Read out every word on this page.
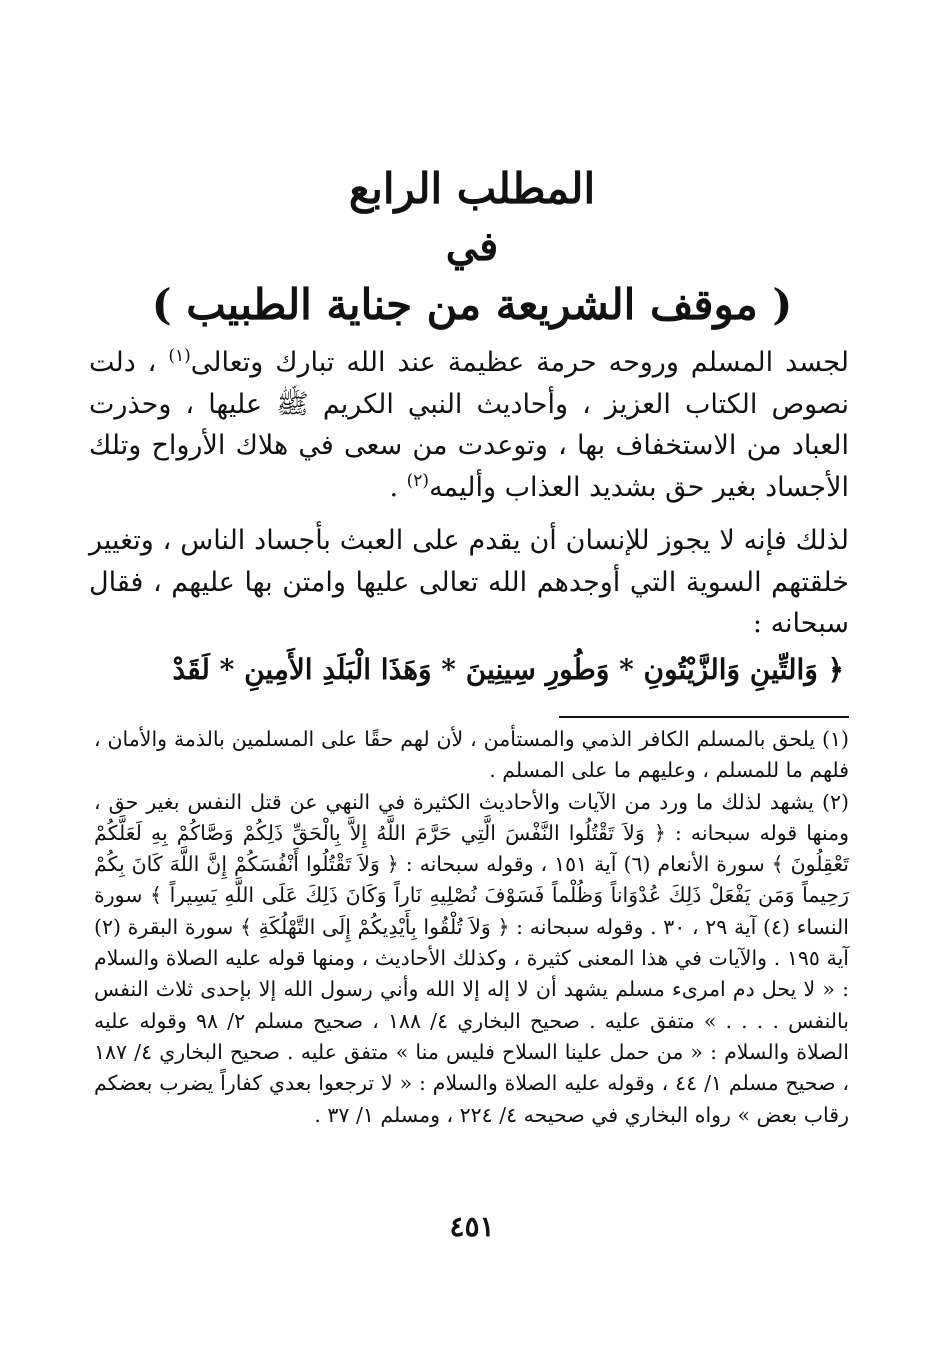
المطلب الرابع
في
( موقف الشريعة من جناية الطبيب )

لجسد المسلم وروحه حرمة عظيمة عند الله تبارك وتعالى$^{(١)}$ ، دلت نصوص الكتاب العزيز ، وأحاديث النبي الكريم ﷺ عليها ، وحذرت العباد من الاستخفاف بها ، وتوعدت من سعى في هلاك الأرواح وتلك الأجساد بغير حق بشديد العذاب وأليمه$^{(٢)}$ .

لذلك فإنه لا يجوز للإنسان أن يقدم على العبث بأجساد الناس ، وتغيير خلقتهم السوية التي أوجدهم الله تعالى عليها وامتن بها عليهم ، فقال سبحانه :

﴿ وَالتِّينِ وَالزَّيْتُونِ * وَطُورِ سِينِينَ * وَهَذَا الْبَلَدِ الأَمِينِ * لَقَدْ

(١) يلحق بالمسلم الكافر الذمي والمستأمن ، لأن لهم حقًا على المسلمين بالذمة والأمان ، فلهم ما للمسلم ، وعليهم ما على المسلم .

(٢) يشهد لذلك ما ورد من الآيات والأحاديث الكثيرة في النهي عن قتل النفس بغير حق ، ومنها قوله سبحانه : ﴿ وَلاَ تَقْتُلُوا النَّفْسَ الَّتِي حَرَّمَ اللَّهُ إِلاَّ بِالْحَقِّ ذَلِكُمْ وَصَّاكُمْ بِهِ لَعَلَّكُمْ تَعْقِلُونَ ﴾ سورة الأنعام (٦) آية ١٥١ ، وقوله سبحانه : ﴿ وَلاَ تَقْتُلُوا أَنْفُسَكُمْ إِنَّ اللَّهَ كَانَ بِكُمْ رَحِيماً وَمَن يَفْعَلْ ذَلِكَ عُدْوَاناً وَظُلْماً فَسَوْفَ نُصْلِيهِ نَاراً وَكَانَ ذَلِكَ عَلَى اللَّهِ يَسِيراً ﴾ سورة النساء (٤) آية ٢٩ ، ٣٠ . وقوله سبحانه : ﴿ وَلاَ تُلْقُوا بِأَيْدِيكُمْ إِلَى التَّهْلُكَةِ ﴾ سورة البقرة (٢) آية ١٩٥ . والآيات في هذا المعنى كثيرة ، وكذلك الأحاديث ، ومنها قوله عليه الصلاة والسلام : « لا يحل دم امرىء مسلم يشهد أن لا إله إلا الله وأني رسول الله إلا بإحدى ثلاث النفس بالنفس . . . . » متفق عليه . صحيح البخاري ٤/ ١٨٨ ، صحيح مسلم ٢/ ٩٨ وقوله عليه الصلاة والسلام : « من حمل علينا السلاح فليس منا » متفق عليه . صحيح البخاري ٤/ ١٨٧ ، صحيح مسلم ١/ ٤٤ ، وقوله عليه الصلاة والسلام : « لا ترجعوا بعدي كفاراً يضرب بعضكم رقاب بعض » رواه البخاري في صحيحه ٤/ ٢٢٤ ، ومسلم ١/ ٣٧ .

٤٥١
